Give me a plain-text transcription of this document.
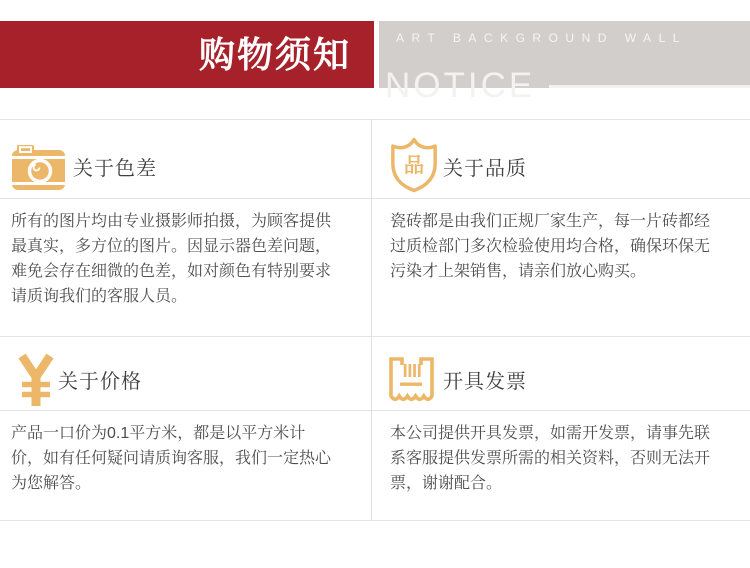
购物须知	ART BACKGROUND WALL
NOTICE
关于色差
所有的图片均由专业摄影师拍摄，为顾客提供最真实，多方位的图片。因显示器色差问题，难免会存在细微的色差，如对颜色有特别要求请质询我们的客服人员。
品 关于品质
瓷砖都是由我们正规厂家生产，每一片砖都经过质检部门多次检验使用均合格，确保环保无污染才上架销售，请亲们放心购买。
关于价格
产品一口价为0.1平方米，都是以平方米计价，如有任何疑问请质询客服，我们一定热心为您解答。
开具发票
本公司提供开具发票，如需开发票，请事先联系客服提供发票所需的相关资料，否则无法开票，谢谢配合。
